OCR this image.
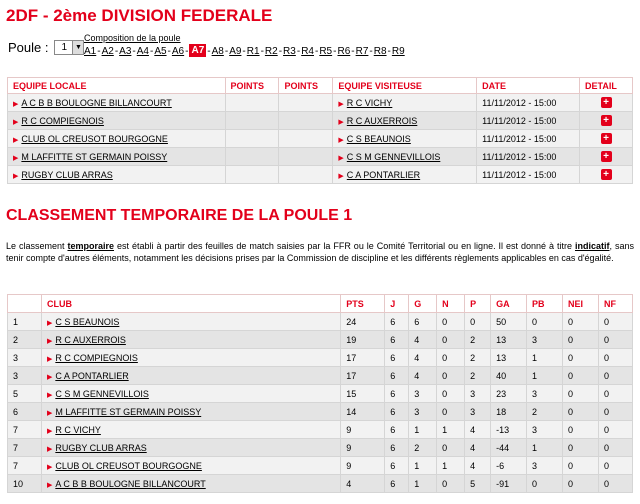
2DF - 2ème DIVISION FEDERALE
Poule :	1	▼
Composition de la poule
A1 - A2 - A3 - A4 - A5 - A6 - A7 - A8 - A9 - R1 - R2 - R3 - R4 - R5 - R6 - R7 - R8 - R9
EQUIPE LOCALE	POINTS	POINTS	EQUIPE VISITEUSE	DATE	DETAIL
▶ A C B B BOULOGNE BILLANCOURT			▶ R C VICHY	11/11/2012 - 15:00	+
▶ R C COMPIEGNOIS			▶ R C AUXERROIS	11/11/2012 - 15:00	+
▶ CLUB OL CREUSOT BOURGOGNE			▶ C S BEAUNOIS	11/11/2012 - 15:00	+
▶ M LAFFITTE ST GERMAIN POISSY			▶ C S M GENNEVILLOIS	11/11/2012 - 15:00	+
▶ RUGBY CLUB ARRAS			▶ C A PONTARLIER	11/11/2012 - 15:00	+
CLASSEMENT TEMPORAIRE DE LA POULE 1
Le classement temporaire est établi à partir des feuilles de match saisies par la FFR ou le Comité Territorial ou en ligne. Il est donné à titre indicatif, sans tenir compte d'autres éléments, notamment les décisions prises par la Commission de discipline et les différents règlements applicables en cas d'égalité.
	CLUB	PTS	J	G	N	P	GA	PB	NEI	NF
1	▶ C S BEAUNOIS	24	6	6	0	0	50	0	0	0
2	▶ R C AUXERROIS	19	6	4	0	2	13	3	0	0
3	▶ R C COMPIEGNOIS	17	6	4	0	2	13	1	0	0
3	▶ C A PONTARLIER	17	6	4	0	2	40	1	0	0
5	▶ C S M GENNEVILLOIS	15	6	3	0	3	23	3	0	0
6	▶ M LAFFITTE ST GERMAIN POISSY	14	6	3	0	3	18	2	0	0
7	▶ R C VICHY	9	6	1	1	4	-13	3	0	0
7	▶ RUGBY CLUB ARRAS	9	6	2	0	4	-44	1	0	0
7	▶ CLUB OL CREUSOT BOURGOGNE	9	6	1	1	4	-6	3	0	0
10	▶ A C B B BOULOGNE BILLANCOURT	4	6	1	0	5	-91	0	0	0
